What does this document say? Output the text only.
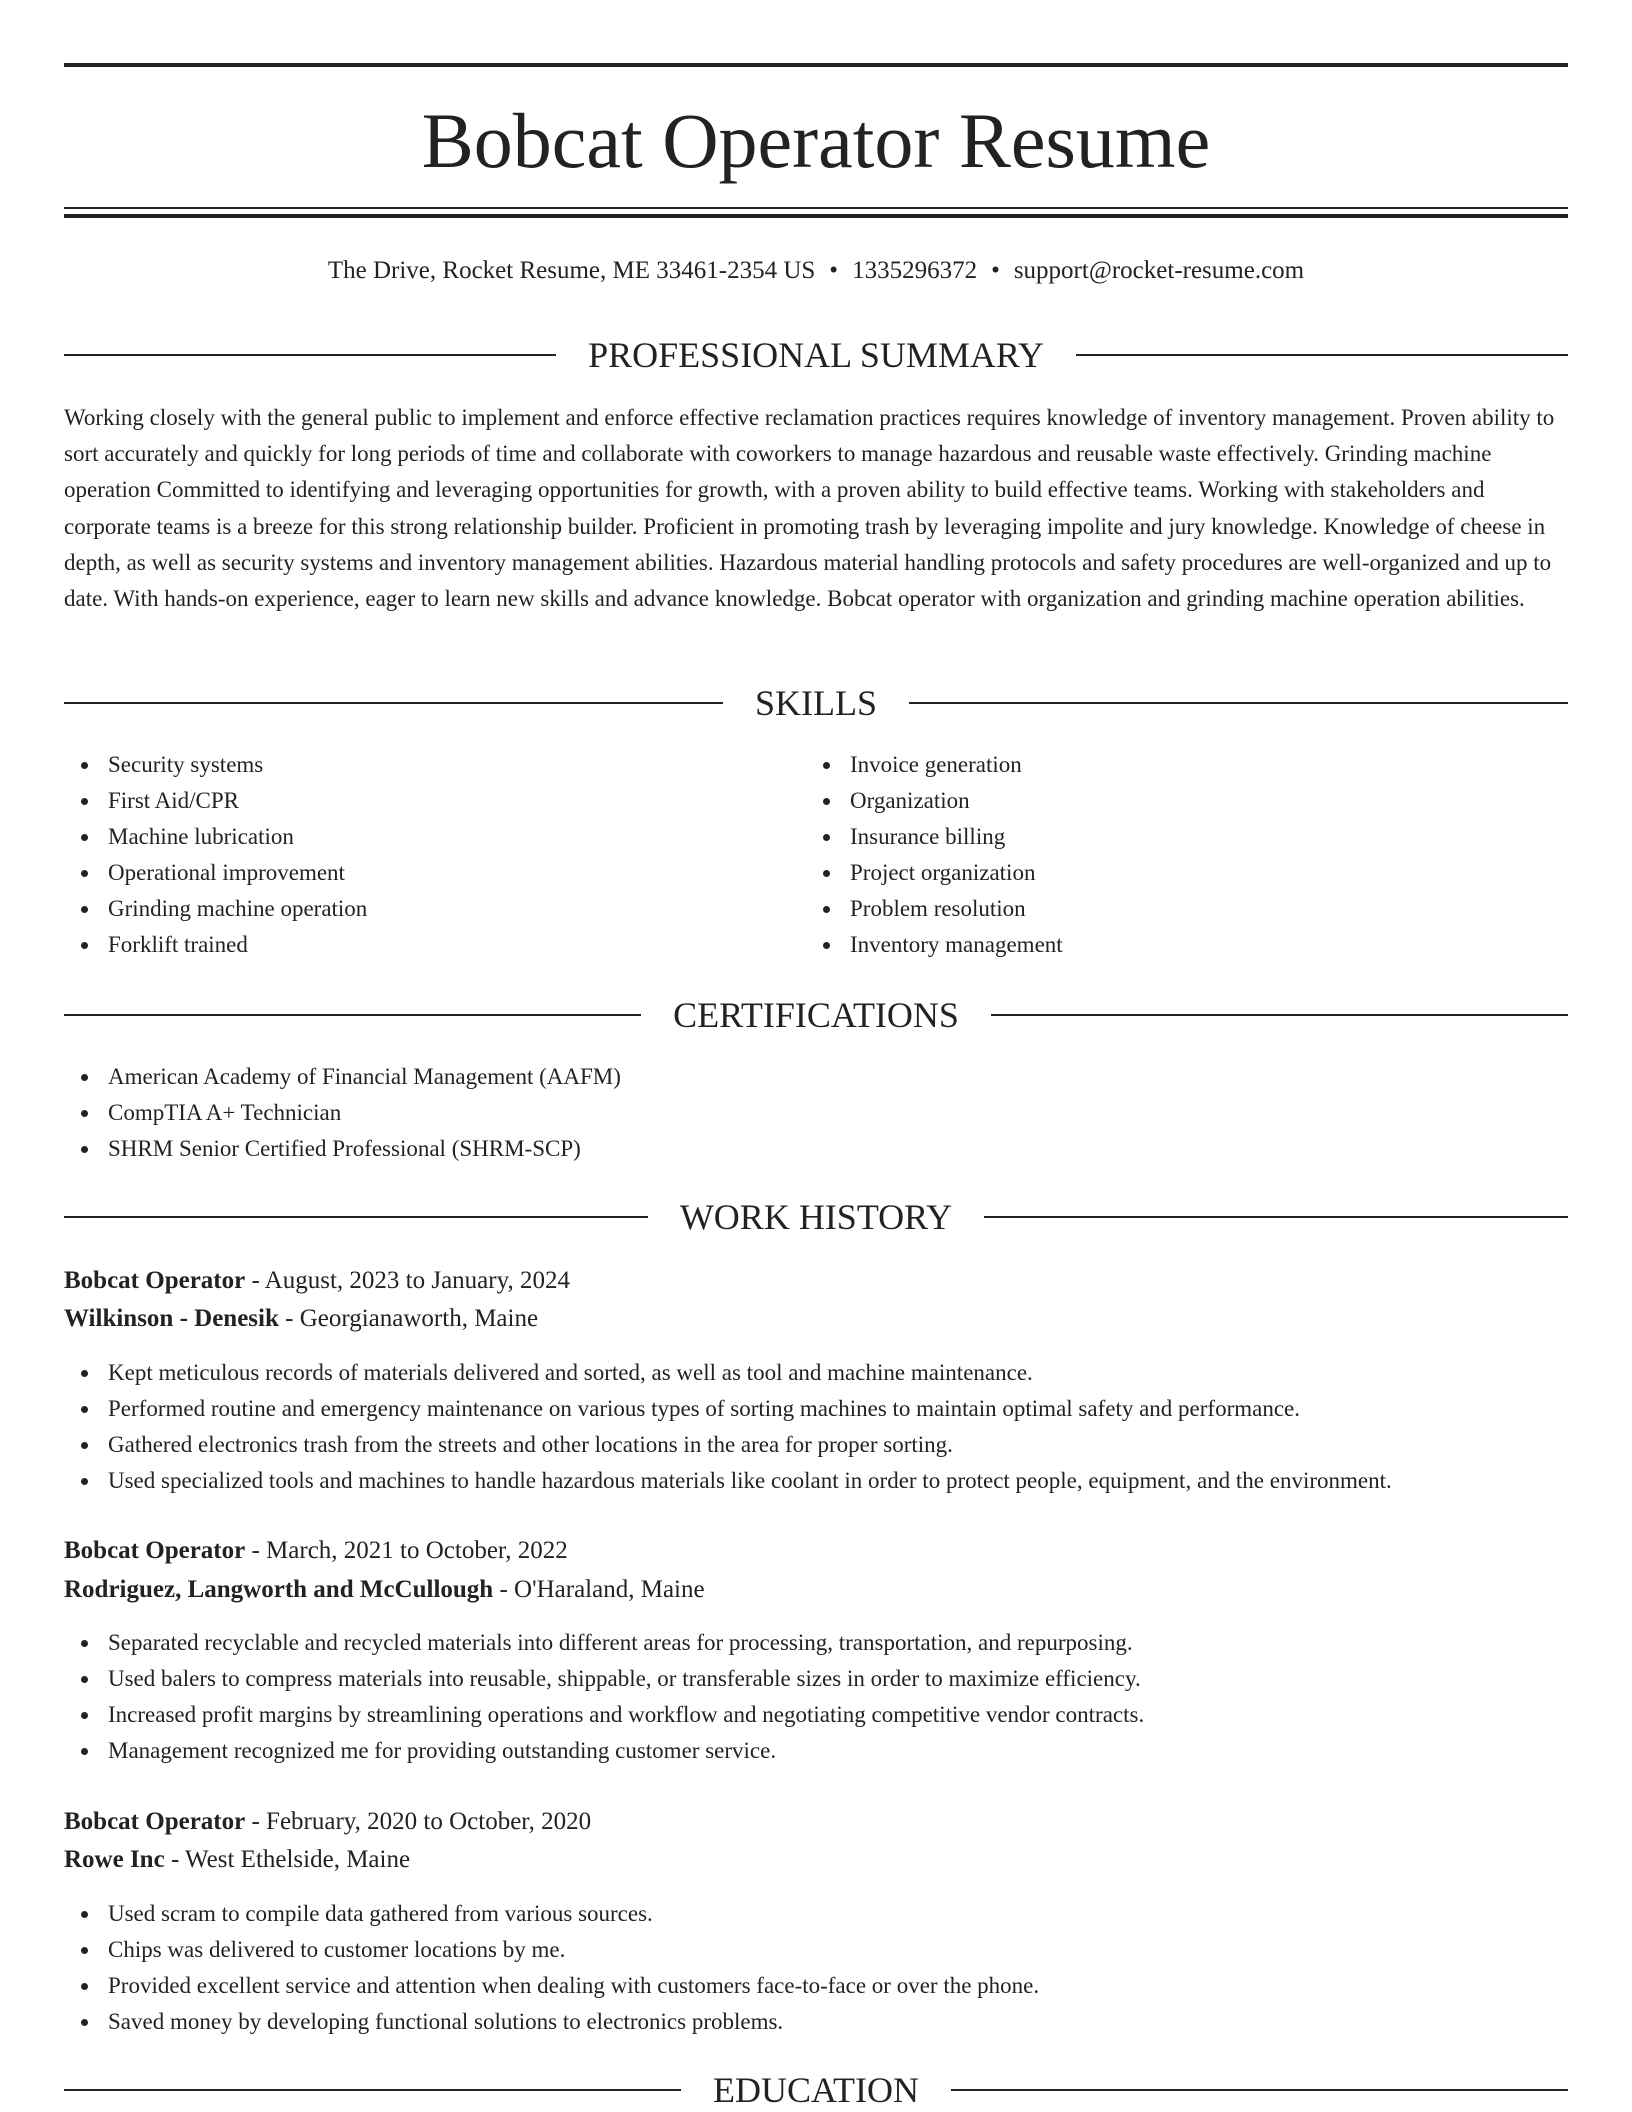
Bobcat Operator Resume
The Drive, Rocket Resume, ME 33461-2354 US • 1335296372 • support@rocket-resume.com
PROFESSIONAL SUMMARY
Working closely with the general public to implement and enforce effective reclamation practices requires knowledge of inventory management. Proven ability to sort accurately and quickly for long periods of time and collaborate with coworkers to manage hazardous and reusable waste effectively. Grinding machine operation Committed to identifying and leveraging opportunities for growth, with a proven ability to build effective teams. Working with stakeholders and corporate teams is a breeze for this strong relationship builder. Proficient in promoting trash by leveraging impolite and jury knowledge. Knowledge of cheese in depth, as well as security systems and inventory management abilities. Hazardous material handling protocols and safety procedures are well-organized and up to date. With hands-on experience, eager to learn new skills and advance knowledge. Bobcat operator with organization and grinding machine operation abilities.
SKILLS
Security systems
First Aid/CPR
Machine lubrication
Operational improvement
Grinding machine operation
Forklift trained
Invoice generation
Organization
Insurance billing
Project organization
Problem resolution
Inventory management
CERTIFICATIONS
American Academy of Financial Management (AAFM)
CompTIA A+ Technician
SHRM Senior Certified Professional (SHRM-SCP)
WORK HISTORY
Bobcat Operator - August, 2023 to January, 2024
Wilkinson - Denesik - Georgianaworth, Maine
Kept meticulous records of materials delivered and sorted, as well as tool and machine maintenance.
Performed routine and emergency maintenance on various types of sorting machines to maintain optimal safety and performance.
Gathered electronics trash from the streets and other locations in the area for proper sorting.
Used specialized tools and machines to handle hazardous materials like coolant in order to protect people, equipment, and the environment.
Bobcat Operator - March, 2021 to October, 2022
Rodriguez, Langworth and McCullough - O'Haraland, Maine
Separated recyclable and recycled materials into different areas for processing, transportation, and repurposing.
Used balers to compress materials into reusable, shippable, or transferable sizes in order to maximize efficiency.
Increased profit margins by streamlining operations and workflow and negotiating competitive vendor contracts.
Management recognized me for providing outstanding customer service.
Bobcat Operator - February, 2020 to October, 2020
Rowe Inc - West Ethelside, Maine
Used scram to compile data gathered from various sources.
Chips was delivered to customer locations by me.
Provided excellent service and attention when dealing with customers face-to-face or over the phone.
Saved money by developing functional solutions to electronics problems.
EDUCATION
